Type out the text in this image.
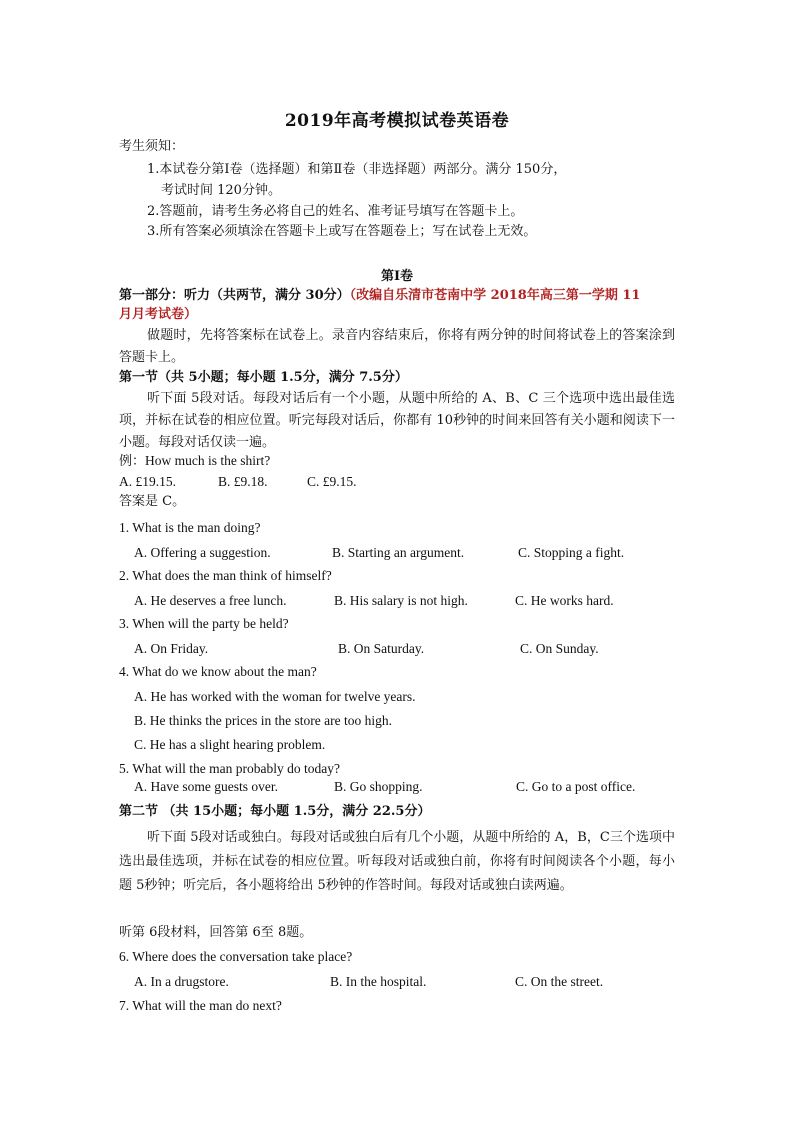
2019年高考模拟试卷英语卷
考生须知：
1.本试卷分第Ⅰ卷（选择题）和第Ⅱ卷（非选择题）两部分。满分 150分，
考试时间 120分钟。
2.答题前，请考生务必将自己的姓名、准考证号填写在答题卡上。
3.所有答案必须填涂在答题卡上或写在答题卷上；写在试卷上无效。
第Ⅰ卷
第一部分：听力（共两节，满分 30分）（改编自乐清市苍南中学 2018年高三第一学期 11
月月考试卷）
做题时，先将答案标在试卷上。录音内容结束后，你将有两分钟的时间将试卷上的答案涂到答题卡上。
第一节（共 5小题；每小题 1.5分，满分 7.5分）
听下面 5段对话。每段对话后有一个小题，从题中所给的 A、B、C 三个选项中选出最佳选项，并标在试卷的相应位置。听完每段对话后，你都有 10秒钟的时间来回答有关小题和阅读下一小题。每段对话仅读一遍。
例：How much is the shirt?
A. £19.15.	B. £9.18.	C. £9.15.
答案是 C。
1. What is the man doing?
A. Offering a suggestion.	B. Starting an argument.	C. Stopping a fight.
2. What does the man think of himself?
A. He deserves a free lunch.	B. His salary is not high.	C. He works hard.
3. When will the party be held?
A. On Friday.	B. On Saturday.	C. On Sunday.
4. What do we know about the man?
A. He has worked with the woman for twelve years.
B. He thinks the prices in the store are too high.
C. He has a slight hearing problem.
5. What will the man probably do today?
A. Have some guests over.	B. Go shopping.	C. Go to a post office.
第二节 （共 15小题；每小题 1.5分，满分 22.5分）
听下面 5段对话或独白。每段对话或独白后有几个小题，从题中所给的 A，B，C三个选项中选出最佳选项，并标在试卷的相应位置。听每段对话或独白前，你将有时间阅读各个小题，每小题 5秒钟；听完后，各小题将给出 5秒钟的作答时间。每段对话或独白读两遍。
听第 6段材料，回答第 6至 8题。
6. Where does the conversation take place?
A. In a drugstore.	B. In the hospital.	C. On the street.
7. What will the man do next?
